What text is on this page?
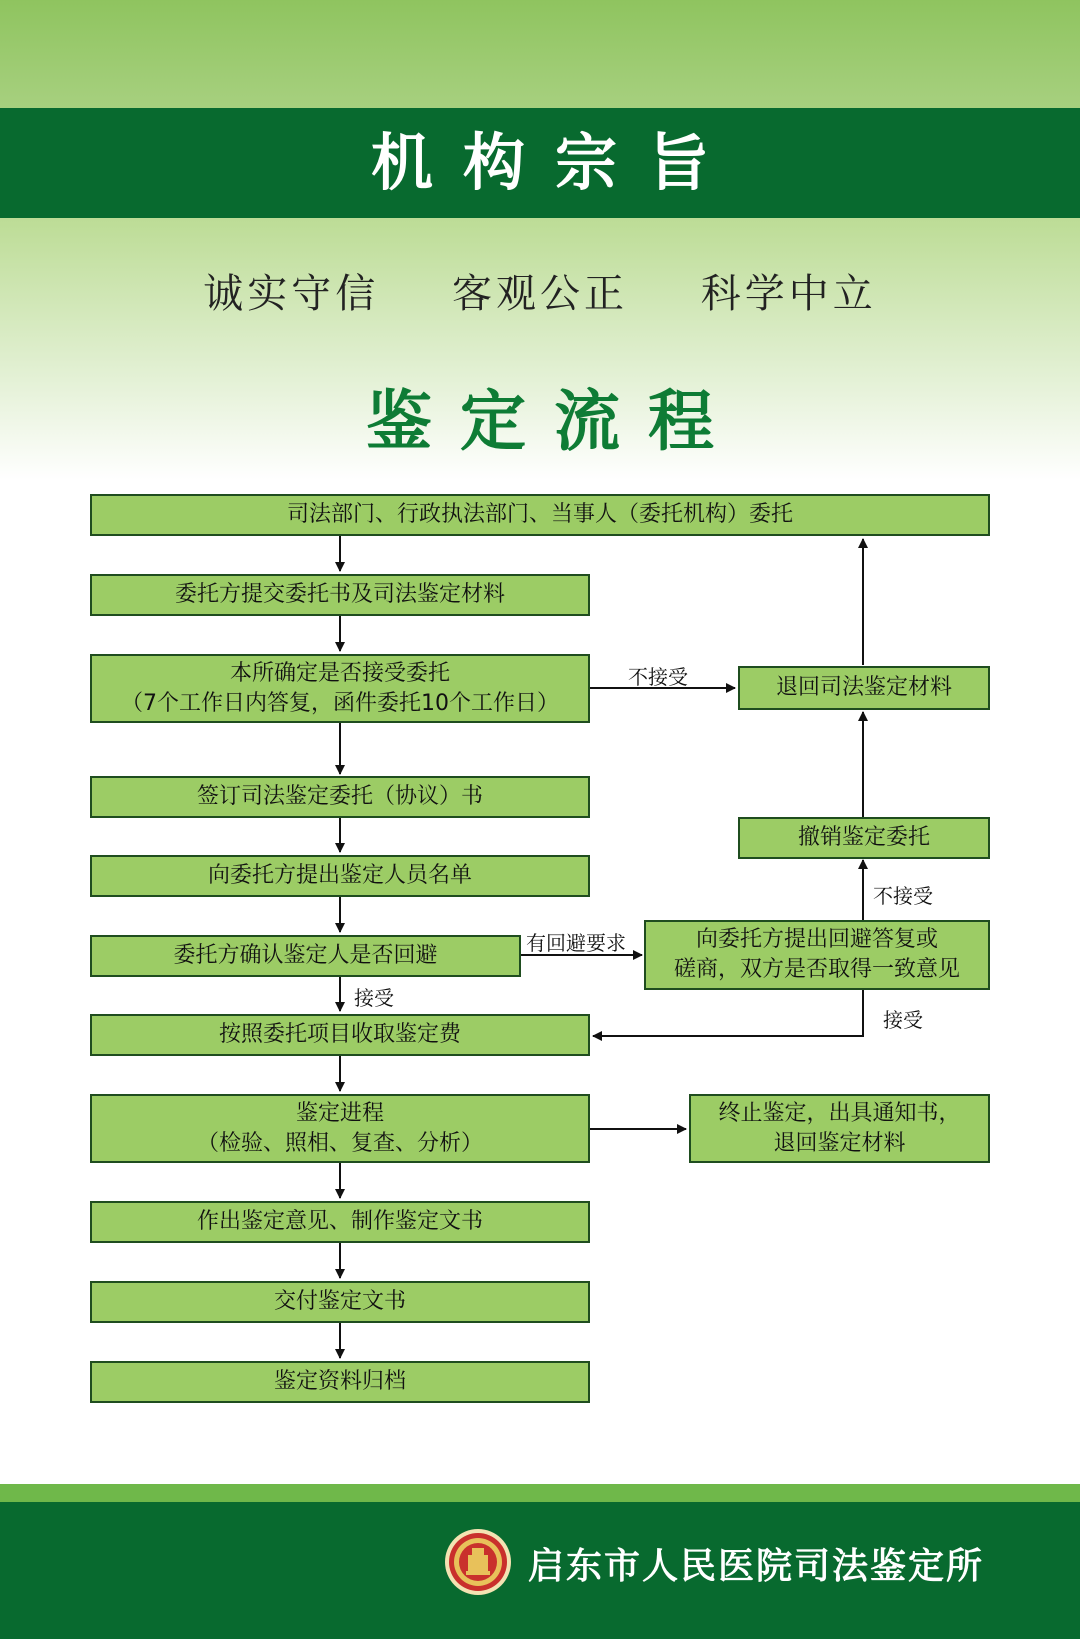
机构宗旨
诚实守信 客观公正 科学中立
鉴定流程
司法部门、行政执法部门、当事人（委托机构）委托
委托方提交委托书及司法鉴定材料
本所确定是否接受委托
（7个工作日内答复，函件委托10个工作日）
签订司法鉴定委托（协议）书
向委托方提出鉴定人员名单
委托方确认鉴定人是否回避
按照委托项目收取鉴定费
鉴定进程
（检验、照相、复查、分析）
作出鉴定意见、制作鉴定文书
交付鉴定文书
鉴定资料归档
退回司法鉴定材料
撤销鉴定委托
向委托方提出回避答复或
磋商，双方是否取得一致意见
终止鉴定，出具通知书，
退回鉴定材料
不接受
有回避要求
接受
不接受
接受
启东市人民医院司法鉴定所
